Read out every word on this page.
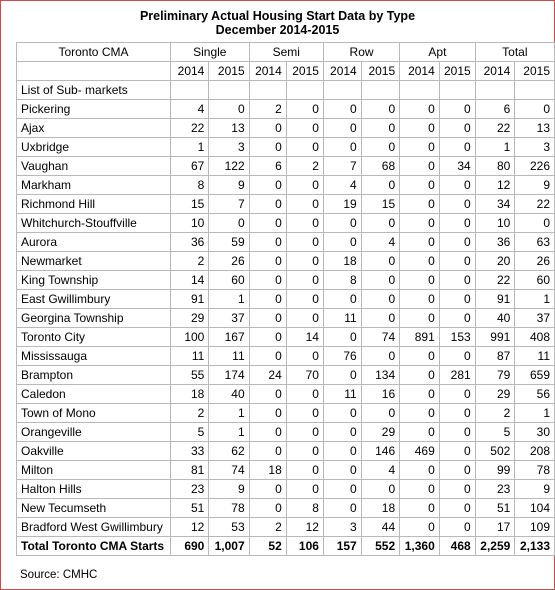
Preliminary Actual Housing Start Data by Type
December 2014-2015
Toronto CMA	Single		Semi		Row		Apt		Total	
	2014	2015	2014	2015	2014	2015	2014	2015	2014	2015
List of Sub- markets										
Pickering	4	0	2	0	0	0	0	0	6	0
Ajax	22	13	0	0	0	0	0	0	22	13
Uxbridge	1	3	0	0	0	0	0	0	1	3
Vaughan	67	122	6	2	7	68	0	34	80	226
Markham	8	9	0	0	4	0	0	0	12	9
Richmond Hill	15	7	0	0	19	15	0	0	34	22
Whitchurch-Stouffville	10	0	0	0	0	0	0	0	10	0
Aurora	36	59	0	0	0	4	0	0	36	63
Newmarket	2	26	0	0	18	0	0	0	20	26
King Township	14	60	0	0	8	0	0	0	22	60
East Gwillimbury	91	1	0	0	0	0	0	0	91	1
Georgina Township	29	37	0	0	11	0	0	0	40	37
Toronto City	100	167	0	14	0	74	891	153	991	408
Mississauga	11	11	0	0	76	0	0	0	87	11
Brampton	55	174	24	70	0	134	0	281	79	659
Caledon	18	40	0	0	11	16	0	0	29	56
Town of Mono	2	1	0	0	0	0	0	0	2	1
Orangeville	5	1	0	0	0	29	0	0	5	30
Oakville	33	62	0	0	0	146	469	0	502	208
Milton	81	74	18	0	0	4	0	0	99	78
Halton Hills	23	9	0	0	0	0	0	0	23	9
New Tecumseth	51	78	0	8	0	18	0	0	51	104
Bradford West Gwillimbury	12	53	2	12	3	44	0	0	17	109
Total Toronto CMA Starts	690	1,007	52	106	157	552	1,360	468	2,259	2,133
Source: CMHC
